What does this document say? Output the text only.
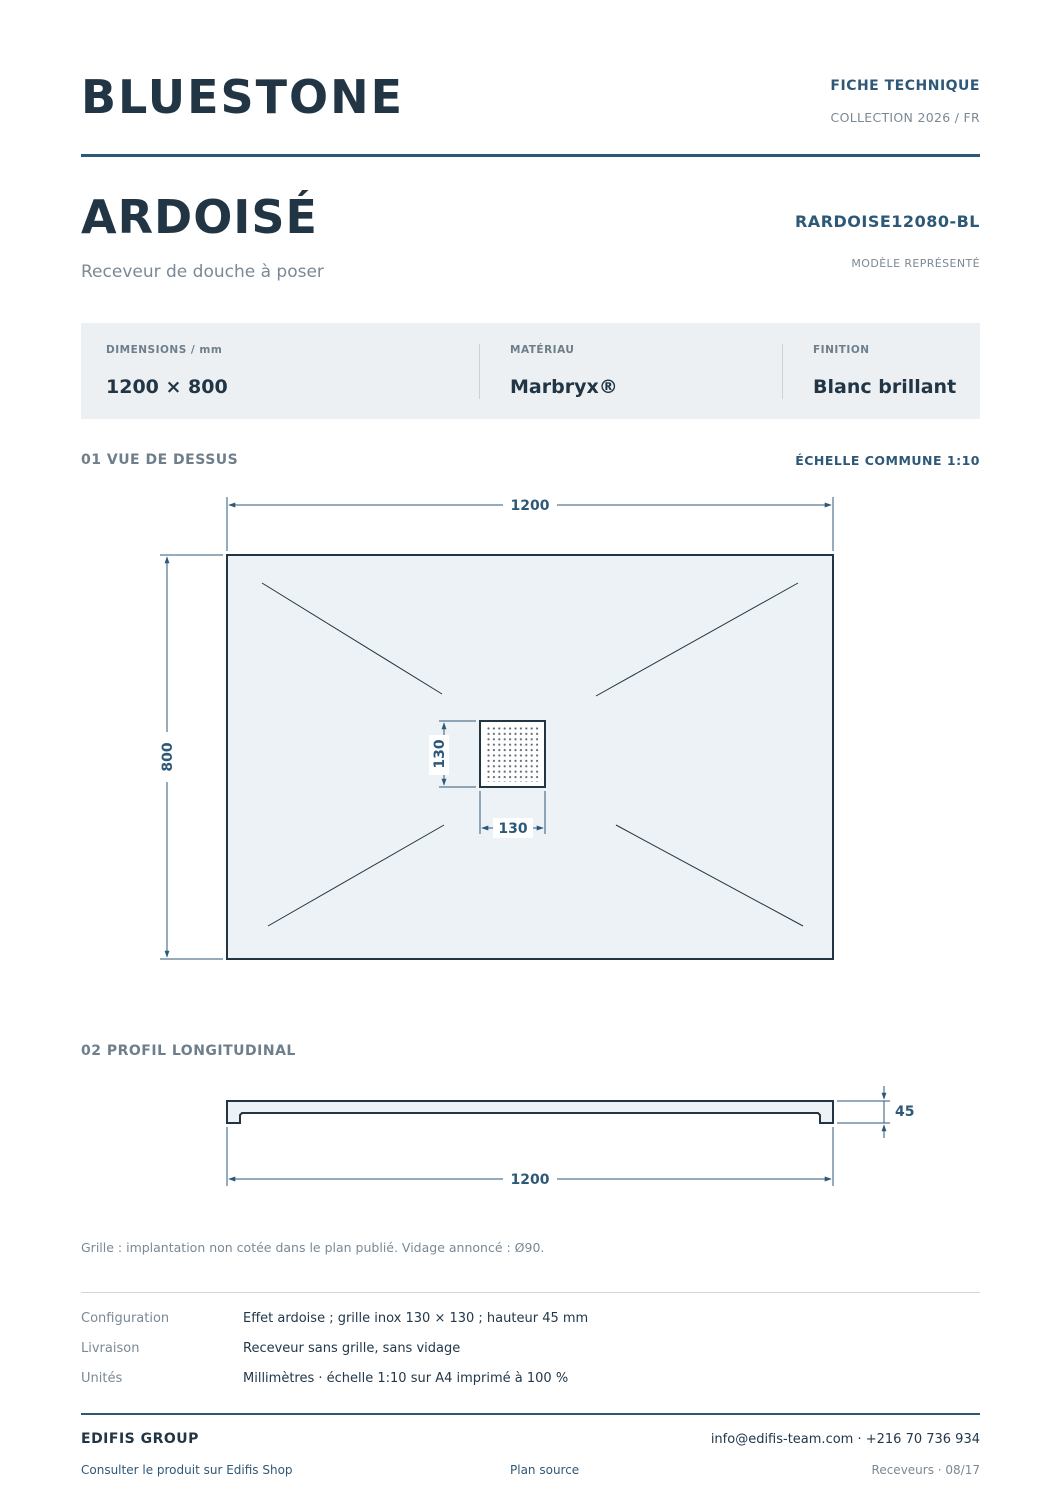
BLUESTONE	FICHE TECHNIQUE
COLLECTION 2026 / FR
ARDOISÉ
Receveur de douche à poser
RARDOISE12080-BL
MODÈLE REPRÉSENTÉ
DIMENSIONS / mm
1200 × 800
MATÉRIAU
Marbryx®
FINITION
Blanc brillant
01 VUE DE DESSUS	ÉCHELLE COMMUNE 1:10
1200
800	130
130
1200
45
02 PROFIL LONGITUDINAL
Grille : implantation non cotée dans le plan publié. Vidage annoncé : Ø90.
Configuration	Effet ardoise ; grille inox 130 × 130 ; hauteur 45 mm
Livraison	Receveur sans grille, sans vidage
Unités	Millimètres · échelle 1:10 sur A4 imprimé à 100 %
EDIFIS GROUP	info@edifis-team.com · +216 70 736 934
Consulter le produit sur Edifis Shop	Plan source	Receveurs · 08/17
